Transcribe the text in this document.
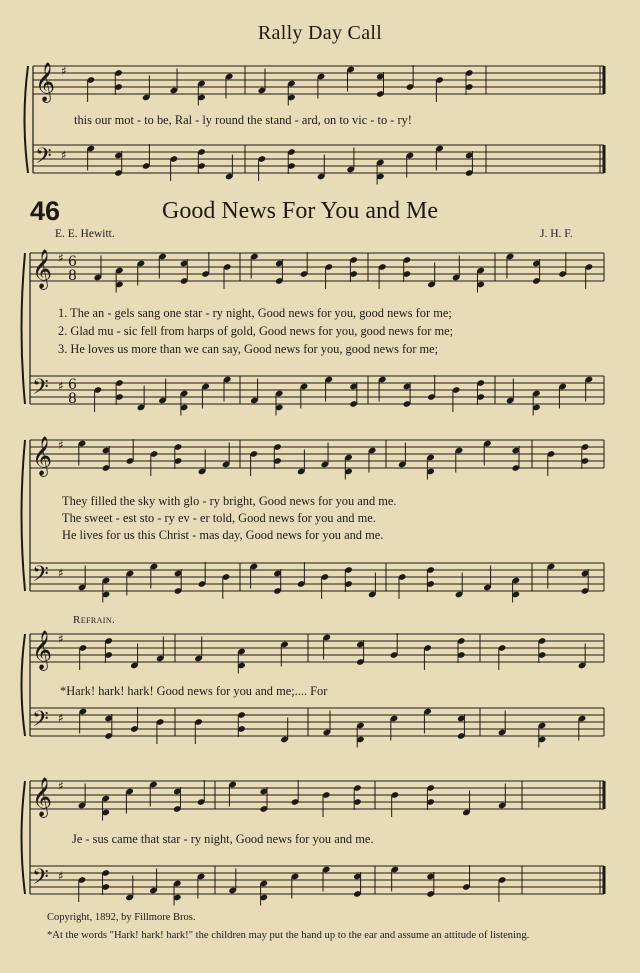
𝄞
𝄢
♯
♯
𝄞
𝄢
♯
♯
6
8
6
8
𝄞
𝄢
♯
♯
𝄞
𝄢
♯
♯
𝄞
𝄢
♯
♯
Rally Day Call
this our mot - to be, Ral - ly round the stand - ard, on to vic - to - ry!
46	Good News For You and Me
E. E. Hewitt.	J. H. F.
1. The an - gels sang one star - ry night, Good news for you, good news for me;
2. Glad mu - sic fell from harps of gold, Good news for you, good news for me;
3. He loves us more than we can say, Good news for you, good news for me;
They filled the sky with glo - ry bright, Good news for you and me.
The sweet - est sto - ry ev - er told, Good news for you and me.
He lives for us this Christ - mas day, Good news for you and me.
Refrain.
*Hark! hark! hark! Good news for you and me;.... For
Je - sus came that star - ry night, Good news for you and me.
Copyright, 1892, by Fillmore Bros.
*At the words "Hark! hark! hark!" the children may put the hand up to the ear and assume an attitude of listening.
